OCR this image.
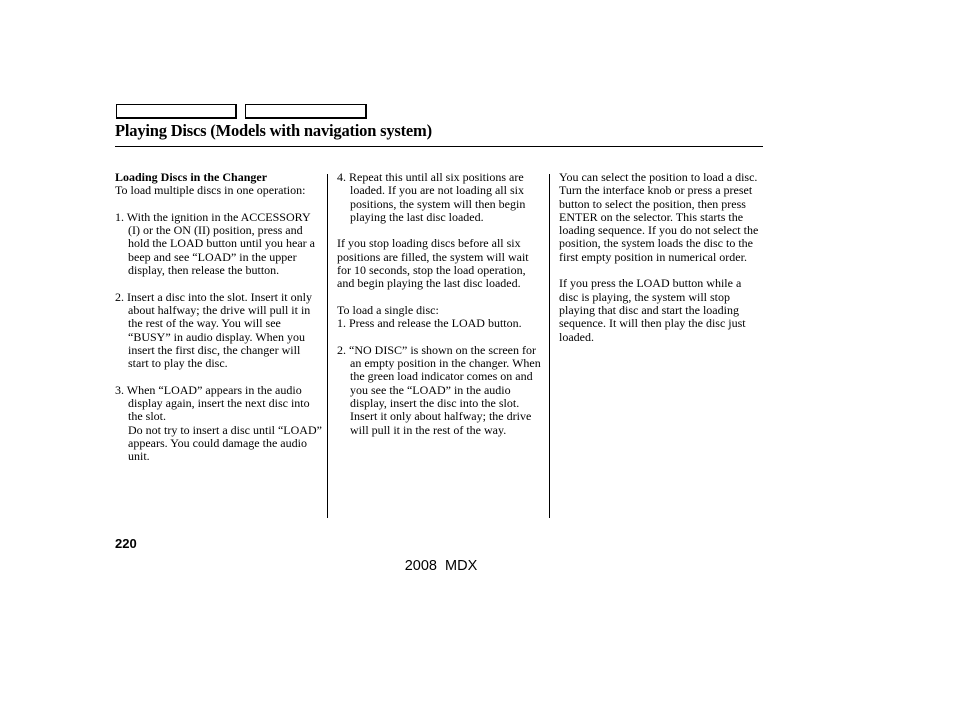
Playing Discs (Models with navigation system)

Loading Discs in the Changer

To load multiple discs in one operation:

1. With the ignition in the ACCESSORY (I) or the ON (II) position, press and hold the LOAD button until you hear a beep and see “LOAD” in the upper display, then release the button.

2. Insert a disc into the slot. Insert it only about halfway; the drive will pull it in the rest of the way. You will see “BUSY” in audio display. When you insert the first disc, the changer will start to play the disc.

3. When “LOAD” appears in the audio display again, insert the next disc into the slot.

Do not try to insert a disc until “LOAD” appears. You could damage the audio unit.

4. Repeat this until all six positions are loaded. If you are not loading all six positions, the system will then begin playing the last disc loaded.

If you stop loading discs before all six positions are filled, the system will wait for 10 seconds, stop the load operation, and begin playing the last disc loaded.

To load a single disc:

1. Press and release the LOAD button.

2. “NO DISC” is shown on the screen for an empty position in the changer. When the green load indicator comes on and you see the “LOAD” in the audio display, insert the disc into the slot. Insert it only about halfway; the drive will pull it in the rest of the way.

You can select the position to load a disc. Turn the interface knob or press a preset button to select the position, then press ENTER on the selector. This starts the loading sequence. If you do not select the position, the system loads the disc to the first empty position in numerical order.

If you press the LOAD button while a disc is playing, the system will stop playing that disc and start the loading sequence. It will then play the disc just loaded.

220
2008  MDX
